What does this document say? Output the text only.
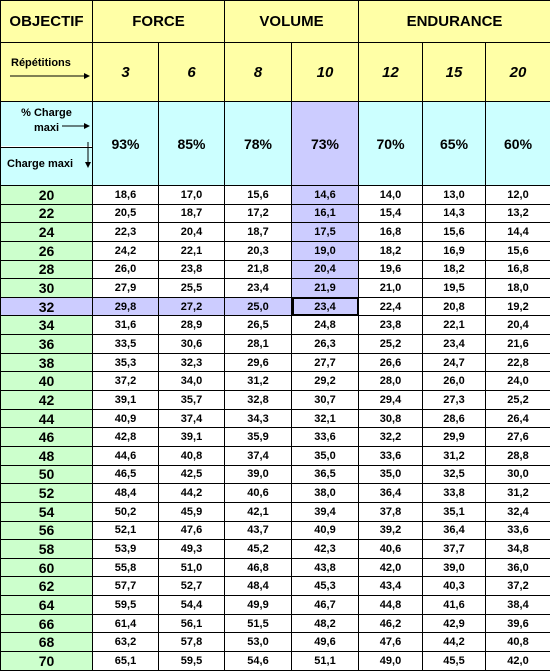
OBJECTIF	FORCE		VOLUME		ENDURANCE		
Répétitions	3	6	8	10	12	15	20

% Charge maxi
Charge maxi	93%	85%	78%	73%	70%	65%	60%
20	18,6	17,0	15,6	14,6	14,0	13,0	12,0
22	20,5	18,7	17,2	16,1	15,4	14,3	13,2
24	22,3	20,4	18,7	17,5	16,8	15,6	14,4
26	24,2	22,1	20,3	19,0	18,2	16,9	15,6
28	26,0	23,8	21,8	20,4	19,6	18,2	16,8
30	27,9	25,5	23,4	21,9	21,0	19,5	18,0
32	29,8	27,2	25,0	23,4	22,4	20,8	19,2
34	31,6	28,9	26,5	24,8	23,8	22,1	20,4
36	33,5	30,6	28,1	26,3	25,2	23,4	21,6
38	35,3	32,3	29,6	27,7	26,6	24,7	22,8
40	37,2	34,0	31,2	29,2	28,0	26,0	24,0
42	39,1	35,7	32,8	30,7	29,4	27,3	25,2
44	40,9	37,4	34,3	32,1	30,8	28,6	26,4
46	42,8	39,1	35,9	33,6	32,2	29,9	27,6
48	44,6	40,8	37,4	35,0	33,6	31,2	28,8
50	46,5	42,5	39,0	36,5	35,0	32,5	30,0
52	48,4	44,2	40,6	38,0	36,4	33,8	31,2
54	50,2	45,9	42,1	39,4	37,8	35,1	32,4
56	52,1	47,6	43,7	40,9	39,2	36,4	33,6
58	53,9	49,3	45,2	42,3	40,6	37,7	34,8
60	55,8	51,0	46,8	43,8	42,0	39,0	36,0
62	57,7	52,7	48,4	45,3	43,4	40,3	37,2
64	59,5	54,4	49,9	46,7	44,8	41,6	38,4
66	61,4	56,1	51,5	48,2	46,2	42,9	39,6
68	63,2	57,8	53,0	49,6	47,6	44,2	40,8
70	65,1	59,5	54,6	51,1	49,0	45,5	42,0
